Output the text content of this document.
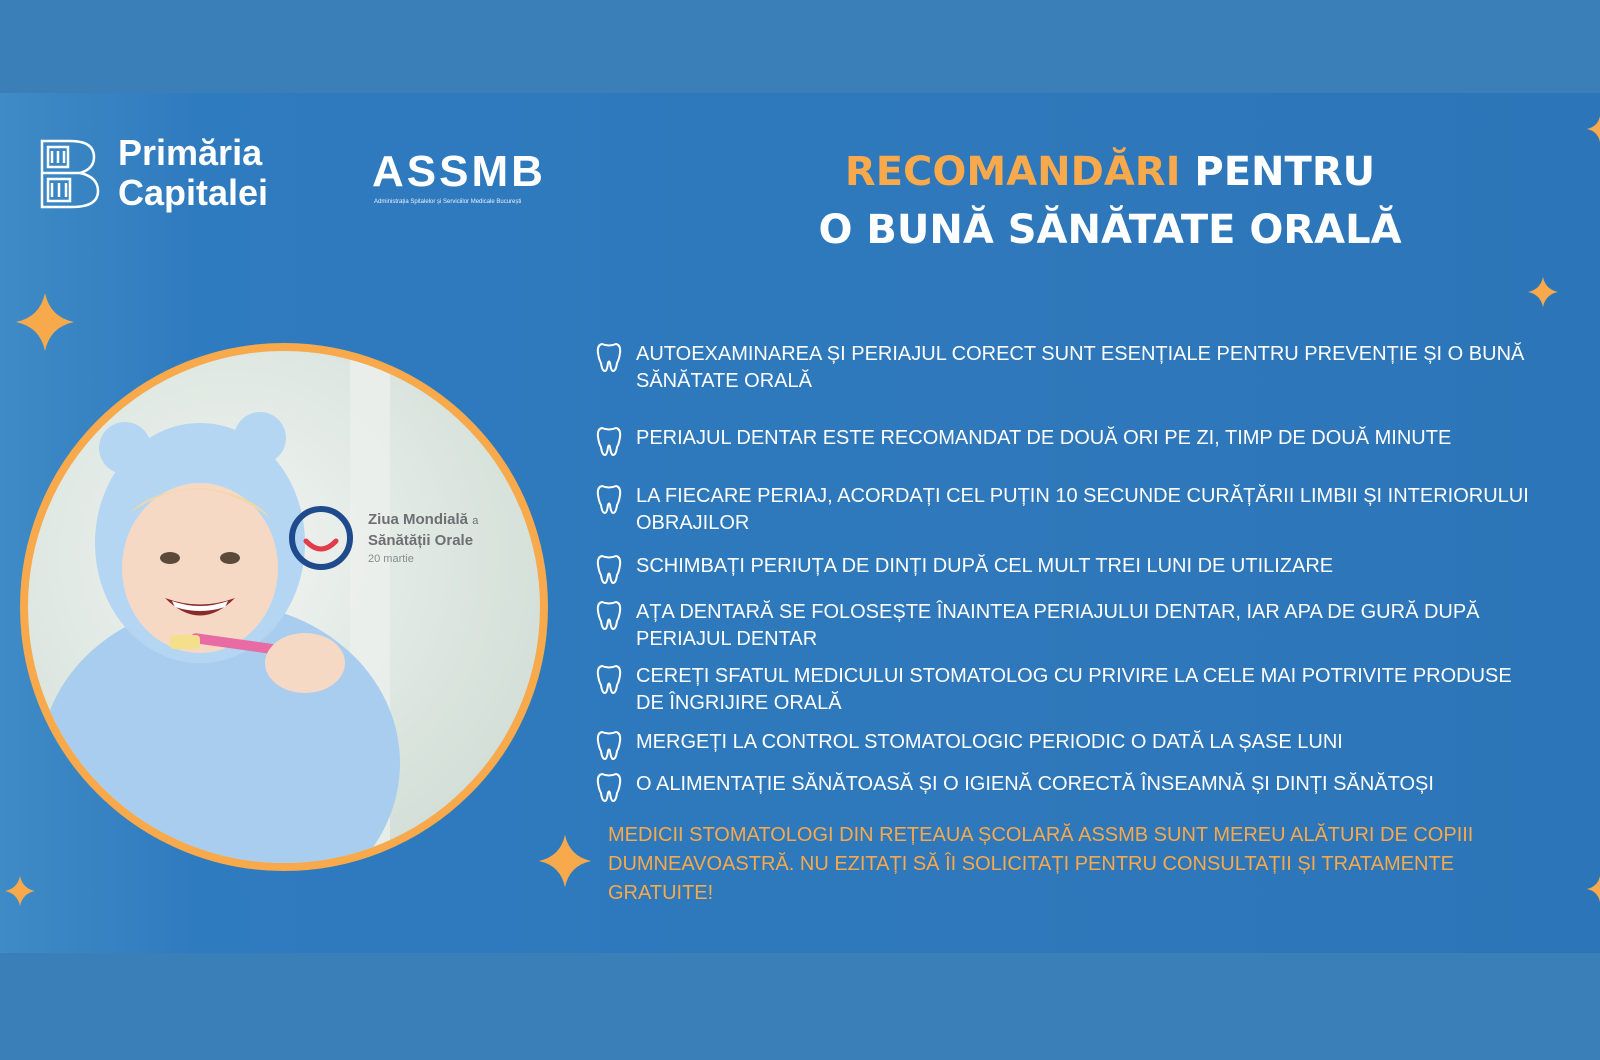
Primăria
Capitalei ASSMB
Administrația Spitalelor și Serviciilor Medicale București
RECOMANDĂRI PENTRU
O BUNĂ SĂNĂTATE ORALĂ
Ziua Mondială a
Sănătății Orale
20 martie
AUTOEXAMINAREA ȘI PERIAJUL CORECT SUNT ESENȚIALE PENTRU PREVENȚIE ȘI O BUNĂ SĂNĂTATE ORALĂ
PERIAJUL DENTAR ESTE RECOMANDAT DE DOUĂ ORI PE ZI, TIMP DE DOUĂ MINUTE
LA FIECARE PERIAJ, ACORDAȚI CEL PUȚIN 10 SECUNDE CURĂȚĂRII LIMBII ȘI INTERIORULUI OBRAJILOR
SCHIMBAȚI PERIUȚA DE DINȚI DUPĂ CEL MULT TREI LUNI DE UTILIZARE
AȚA DENTARĂ SE FOLOSEȘTE ÎNAINTEA PERIAJULUI DENTAR, IAR APA DE GURĂ DUPĂ PERIAJUL DENTAR
CEREȚI SFATUL MEDICULUI STOMATOLOG CU PRIVIRE LA CELE MAI POTRIVITE PRODUSE DE ÎNGRIJIRE ORALĂ
MERGEȚI LA CONTROL STOMATOLOGIC PERIODIC O DATĂ LA ȘASE LUNI
O ALIMENTAȚIE SĂNĂTOASĂ ȘI O IGIENĂ CORECTĂ ÎNSEAMNĂ ȘI DINȚI SĂNĂTOȘI
MEDICII STOMATOLOGI DIN REȚEAUA ȘCOLARĂ ASSMB SUNT MEREU ALĂTURI DE COPIII DUMNEAVOASTRĂ. NU EZITAȚI SĂ ÎI SOLICITAȚI PENTRU CONSULTAȚII ȘI TRATAMENTE GRATUITE!
